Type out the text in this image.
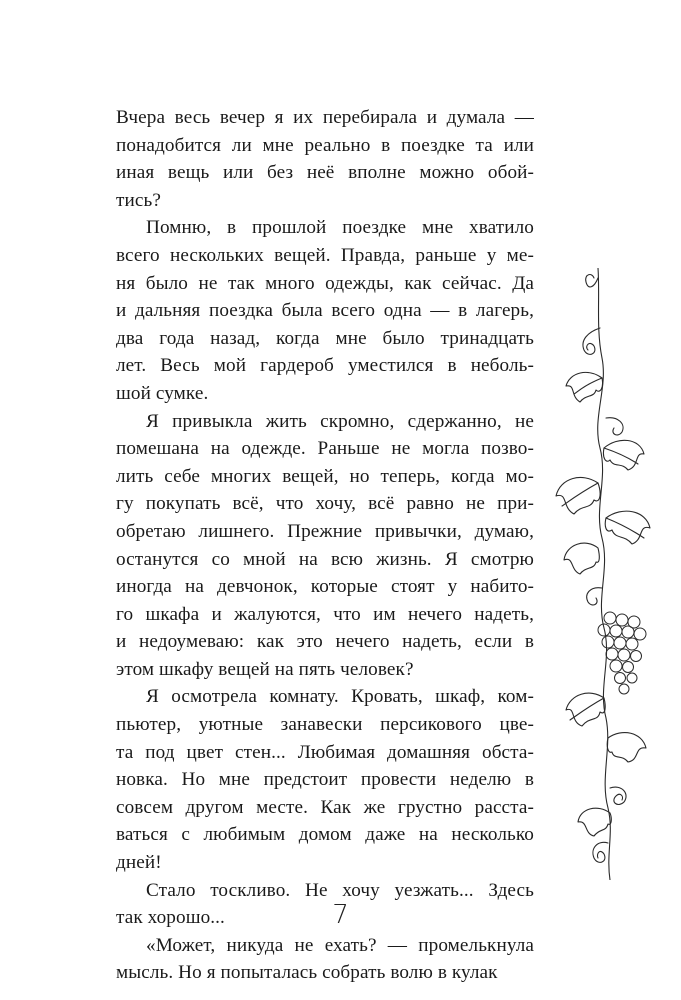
Вчера весь вечер я их перебирала и думала —
понадобится ли мне реально в поездке та или
иная вещь или без неё вполне можно обой-
тись?
Помню, в прошлой поездке мне хватило
всего нескольких вещей. Правда, раньше у ме-
ня было не так много одежды, как сейчас. Да
и дальняя поездка была всего одна — в лагерь,
два года назад, когда мне было тринадцать
лет. Весь мой гардероб уместился в неболь-
шой сумке.
Я привыкла жить скромно, сдержанно, не
помешана на одежде. Раньше не могла позво-
лить себе многих вещей, но теперь, когда мо-
гу покупать всё, что хочу, всё равно не при-
обретаю лишнего. Прежние привычки, думаю,
останутся со мной на всю жизнь. Я смотрю
иногда на девчонок, которые стоят у набито-
го шкафа и жалуются, что им нечего надеть,
и недоумеваю: как это нечего надеть, если в
этом шкафу вещей на пять человек?
Я осмотрела комнату. Кровать, шкаф, ком-
пьютер, уютные занавески персикового цве-
та под цвет стен... Любимая домашняя обста-
новка. Но мне предстоит провести неделю в
совсем другом месте. Как же грустно расста-
ваться с любимым домом даже на несколько
дней!
Стало тоскливо. Не хочу уезжать... Здесь
так хорошо...
«Может, никуда не ехать? — промелькнула
мысль. Но я попыталась собрать волю в кулак
7
